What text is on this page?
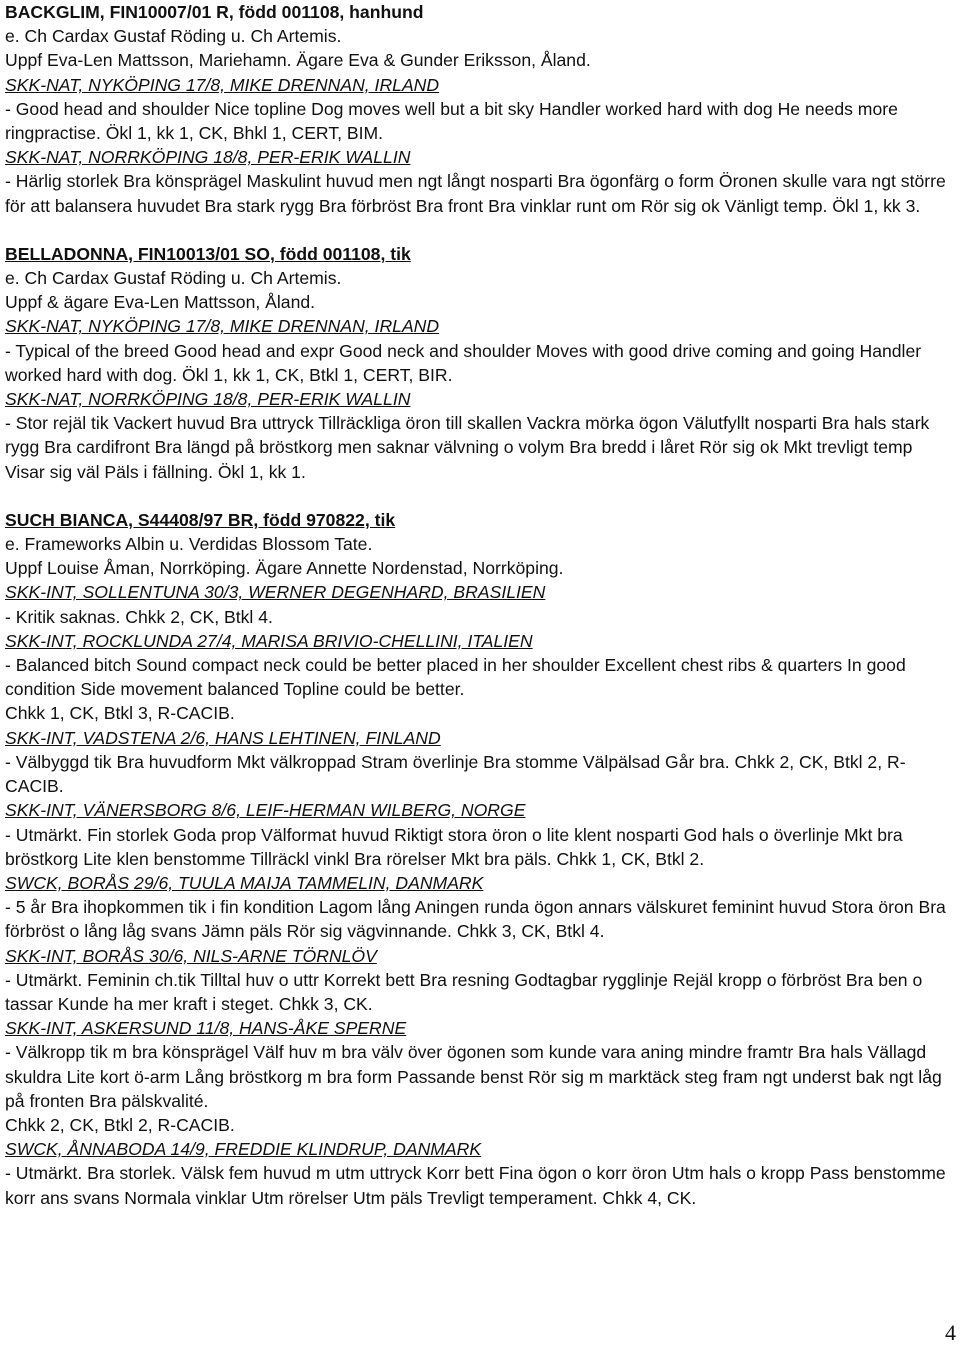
BACKGLIM, FIN10007/01 R, född 001108, hanhund
e. Ch Cardax Gustaf Röding u. Ch Artemis.
Uppf Eva-Len Mattsson, Mariehamn. Ägare Eva & Gunder Eriksson, Åland.
SKK-NAT, NYKÖPING 17/8, MIKE DRENNAN, IRLAND
- Good head and shoulder Nice topline Dog moves well but a bit sky Handler worked hard with dog He needs more ringpractise. Ökl 1, kk 1, CK, Bhkl 1, CERT, BIM.
SKK-NAT, NORRKÖPING 18/8, PER-ERIK WALLIN
- Härlig storlek Bra könsprägel Maskulint huvud men ngt långt nosparti Bra ögonfärg o form Öronen skulle vara ngt större för att balansera huvudet Bra stark rygg Bra förbröst Bra front Bra vinklar runt om Rör sig ok Vänligt temp. Ökl 1, kk 3.
BELLADONNA, FIN10013/01 SO, född 001108, tik
e. Ch Cardax Gustaf Röding u. Ch Artemis.
Uppf & ägare Eva-Len Mattsson, Åland.
SKK-NAT, NYKÖPING 17/8, MIKE DRENNAN, IRLAND
- Typical of the breed Good head and expr Good neck and shoulder Moves with good drive coming and going Handler worked hard with dog. Ökl 1, kk 1, CK, Btkl 1, CERT, BIR.
SKK-NAT, NORRKÖPING 18/8, PER-ERIK WALLIN
- Stor rejäl tik Vackert huvud Bra uttryck Tillräckliga öron till skallen Vackra mörka ögon Välutfyllt nosparti Bra hals stark rygg Bra cardifront Bra längd på bröstkorg men saknar välvning o volym Bra bredd i låret Rör sig ok Mkt trevligt temp Visar sig väl Päls i fällning. Ökl 1, kk 1.
SUCH BIANCA, S44408/97 BR, född 970822, tik
e. Frameworks Albin u. Verdidas Blossom Tate.
Uppf Louise Åman, Norrköping. Ägare Annette Nordenstad, Norrköping.
SKK-INT, SOLLENTUNA 30/3, WERNER DEGENHARD, BRASILIEN
- Kritik saknas. Chkk 2, CK, Btkl 4.
SKK-INT, ROCKLUNDA 27/4, MARISA BRIVIO-CHELLINI, ITALIEN
- Balanced bitch Sound compact neck could be better placed in her shoulder Excellent chest ribs & quarters In good condition Side movement balanced Topline could be better.
Chkk 1, CK, Btkl 3, R-CACIB.
SKK-INT, VADSTENA 2/6, HANS LEHTINEN, FINLAND
- Välbyggd tik Bra huvudform Mkt välkroppad Stram överlinje Bra stomme Välpälsad Går bra. Chkk 2, CK, Btkl 2, R-CACIB.
SKK-INT, VÄNERSBORG 8/6, LEIF-HERMAN WILBERG, NORGE
- Utmärkt. Fin storlek Goda prop Välformat huvud Riktigt stora öron o lite klent nosparti God hals o överlinje Mkt bra bröstkorg Lite klen benstomme Tillräckl vinkl Bra rörelser Mkt bra päls. Chkk 1, CK, Btkl 2.
SWCK, BORÅS 29/6, TUULA MAIJA TAMMELIN, DANMARK
- 5 år Bra ihopkommen tik i fin kondition Lagom lång Aningen runda ögon annars välskuret feminint huvud Stora öron Bra förbröst o lång låg svans Jämn päls Rör sig vägvinnande. Chkk 3, CK, Btkl 4.
SKK-INT, BORÅS 30/6, NILS-ARNE TÖRNLÖV
- Utmärkt. Feminin ch.tik Tilltal huv o uttr Korrekt bett Bra resning Godtagbar rygglinje Rejäl kropp o förbröst Bra ben o tassar Kunde ha mer kraft i steget. Chkk 3, CK.
SKK-INT, ASKERSUND 11/8, HANS-ÅKE SPERNE
- Välkropp tik m bra könsprägel Välf huv m bra välv över ögonen som kunde vara aning mindre framtr Bra hals Vällagd skuldra Lite kort ö-arm Lång bröstkorg m bra form Passande benst Rör sig m marktäck steg fram ngt underst bak ngt låg på fronten Bra pälskvalité.
Chkk 2, CK, Btkl 2, R-CACIB.
SWCK, ÅNNABODA 14/9, FREDDIE KLINDRUP, DANMARK
- Utmärkt. Bra storlek. Välsk fem huvud m utm uttryck Korr bett Fina ögon o korr öron Utm hals o kropp Pass benstomme korr ans svans Normala vinklar Utm rörelser Utm päls Trevligt temperament. Chkk 4, CK.
4
